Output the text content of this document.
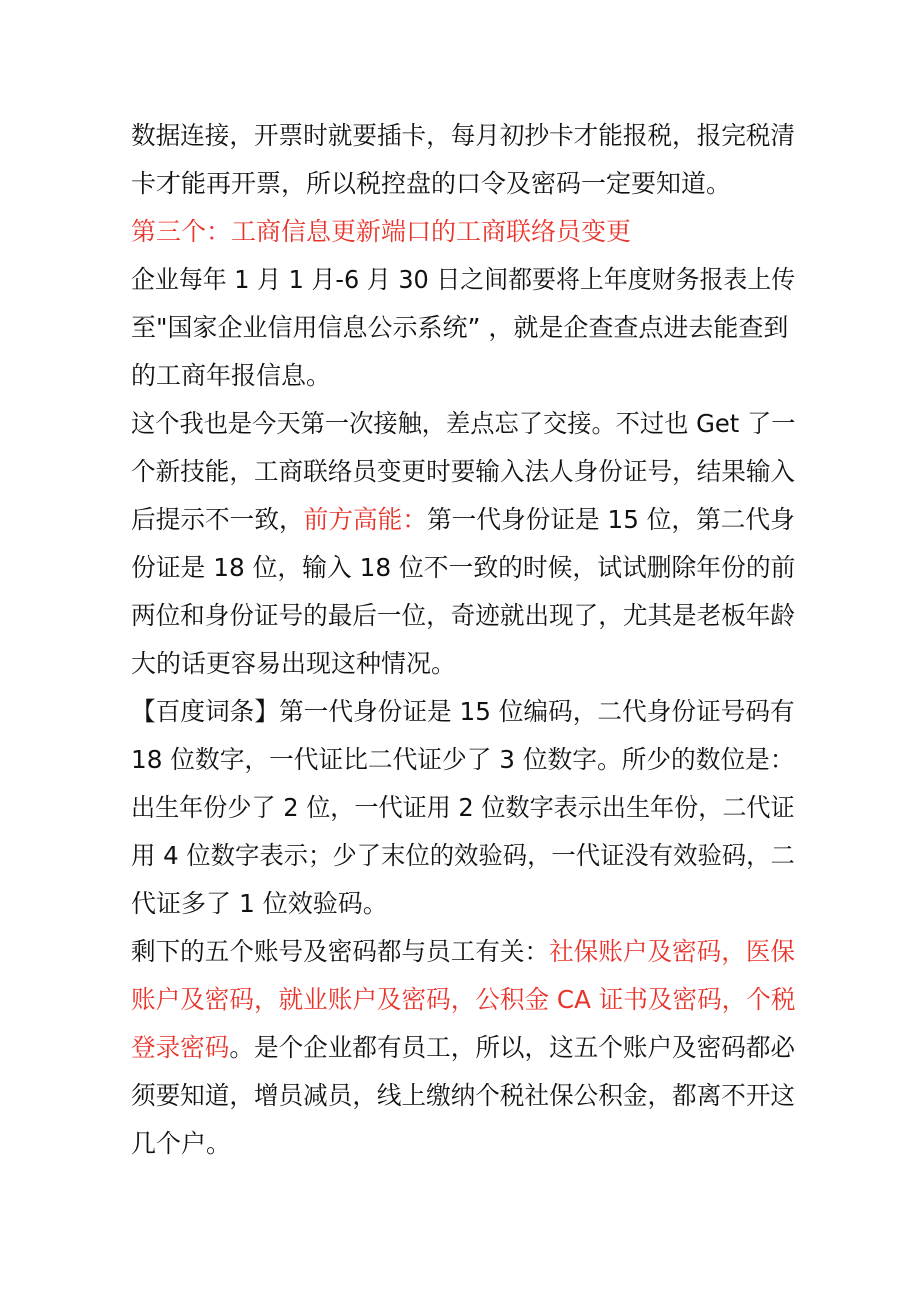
数据连接，开票时就要插卡，每月初抄卡才能报税，报完税清
卡才能再开票，所以税控盘的口令及密码一定要知道。
第三个：工商信息更新端口的工商联络员变更
企业每年 1 月 1 月-6 月 30 日之间都要将上年度财务报表上传
至"国家企业信用信息公示系统” ，就是企查查点进去能查到
的工商年报信息。
这个我也是今天第一次接触，差点忘了交接。不过也 Get 了一
个新技能，工商联络员变更时要输入法人身份证号，结果输入
后提示不一致，前方高能：第一代身份证是 15 位，第二代身
份证是 18 位，输入 18 位不一致的时候，试试删除年份的前
两位和身份证号的最后一位，奇迹就出现了，尤其是老板年龄
大的话更容易出现这种情况。
【百度词条】第一代身份证是 15 位编码，二代身份证号码有
18 位数字，一代证比二代证少了 3 位数字。所少的数位是：
出生年份少了 2 位，一代证用 2 位数字表示出生年份，二代证
用 4 位数字表示；少了末位的效验码，一代证没有效验码，二
代证多了 1 位效验码。
剩下的五个账号及密码都与员工有关：社保账户及密码，医保
账户及密码，就业账户及密码，公积金 CA 证书及密码，个税
登录密码。是个企业都有员工，所以，这五个账户及密码都必
须要知道，增员减员，线上缴纳个税社保公积金，都离不开这
几个户。
